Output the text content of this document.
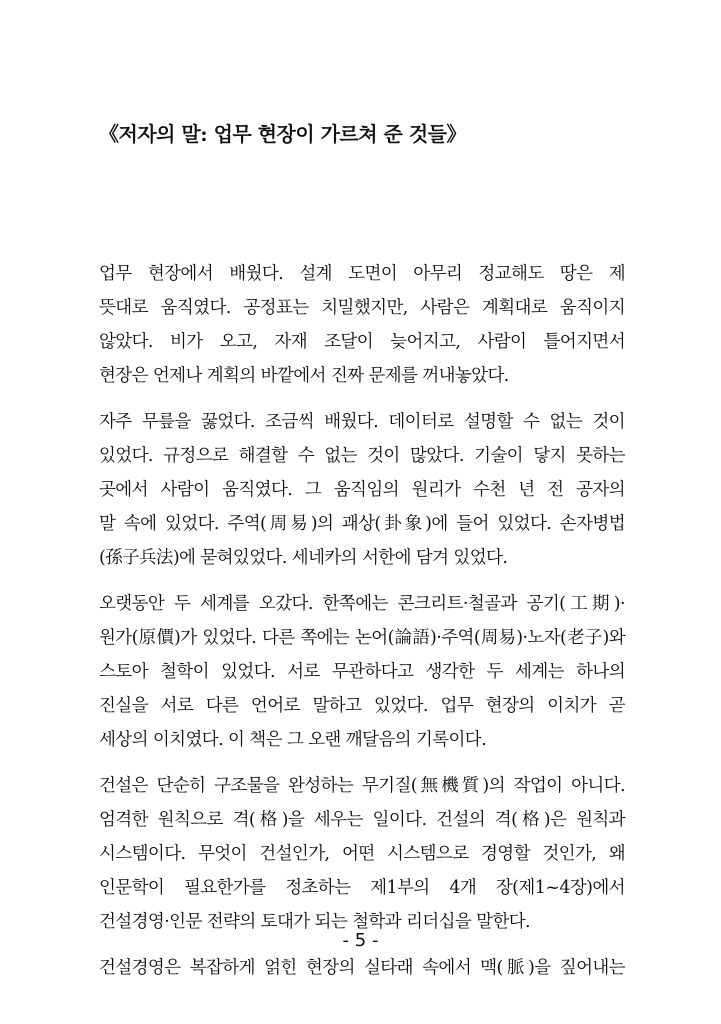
《저자의 말: 업무 현장이 가르쳐 준 것들》
업무 현장에서 배웠다. 설계 도면이 아무리 정교해도 땅은 제
뜻대로 움직였다. 공정표는 치밀했지만, 사람은 계획대로 움직이지
않았다. 비가 오고, 자재 조달이 늦어지고, 사람이 틀어지면서
현장은 언제나 계획의 바깥에서 진짜 문제를 꺼내놓았다.
자주 무릎을 꿇었다. 조금씩 배웠다. 데이터로 설명할 수 없는 것이
있었다. 규정으로 해결할 수 없는 것이 많았다. 기술이 닿지 못하는
곳에서 사람이 움직였다. 그 움직임의 원리가 수천 년 전 공자의
말 속에 있었다. 주역(周易)의 괘상(卦象)에 들어 있었다. 손자병법
(孫子兵法)에 묻혀있었다. 세네카의 서한에 담겨 있었다.
오랫동안 두 세계를 오갔다. 한쪽에는 콘크리트·철골과 공기(工期)·
원가(原價)가 있었다. 다른 쪽에는 논어(論語)·주역(周易)·노자(老子)와
스토아 철학이 있었다. 서로 무관하다고 생각한 두 세계는 하나의
진실을 서로 다른 언어로 말하고 있었다. 업무 현장의 이치가 곧
세상의 이치였다. 이 책은 그 오랜 깨달음의 기록이다.
건설은 단순히 구조물을 완성하는 무기질(無機質)의 작업이 아니다.
엄격한 원칙으로 격(格)을 세우는 일이다. 건설의 격(格)은 원칙과
시스템이다. 무엇이 건설인가, 어떤 시스템으로 경영할 것인가, 왜
인문학이 필요한가를 정초하는 제1부의 4개 장(제1~4장)에서
건설경영·인문 전략의 토대가 되는 철학과 리더십을 말한다.
건설경영은 복잡하게 얽힌 현장의 실타래 속에서 맥(脈)을 짚어내는
- 5 -
